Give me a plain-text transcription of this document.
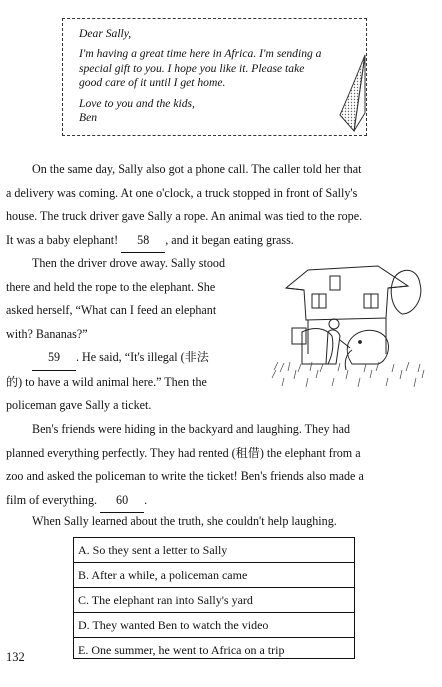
Dear Sally,

I'm having a great time here in Africa. I'm sending a

special gift to you. I hope you like it. Please take

good care of it until I get home.

Love to you and the kids,

Ben

On the same day, Sally also got a phone call. The caller told her that
a delivery was coming. At one o'clock, a truck stopped in front of Sally's
house. The truck driver gave Sally a rope. An animal was tied to the rope.
It was a baby elephant! 58 , and it began eating grass.
Then the driver drove away. Sally stood
there and held the rope to the elephant. She
asked herself, “What can I feed an elephant
with? Bananas?”
59 . He said, “It's illegal (非法
的) to have a wild animal here.” Then the
policeman gave Sally a ticket.
Ben's friends were hiding in the backyard and laughing. They had
planned everything perfectly. They had rented (租借) the elephant from a
zoo and asked the policeman to write the ticket! Ben's friends also made a
film of everything. 60 .
When Sally learned about the truth, she couldn't help laughing.
A. So they sent a letter to Sally
B. After a while, a policeman came
C. The elephant ran into Sally's yard
D. They wanted Ben to watch the video
E. One summer, he went to Africa on a trip
132
